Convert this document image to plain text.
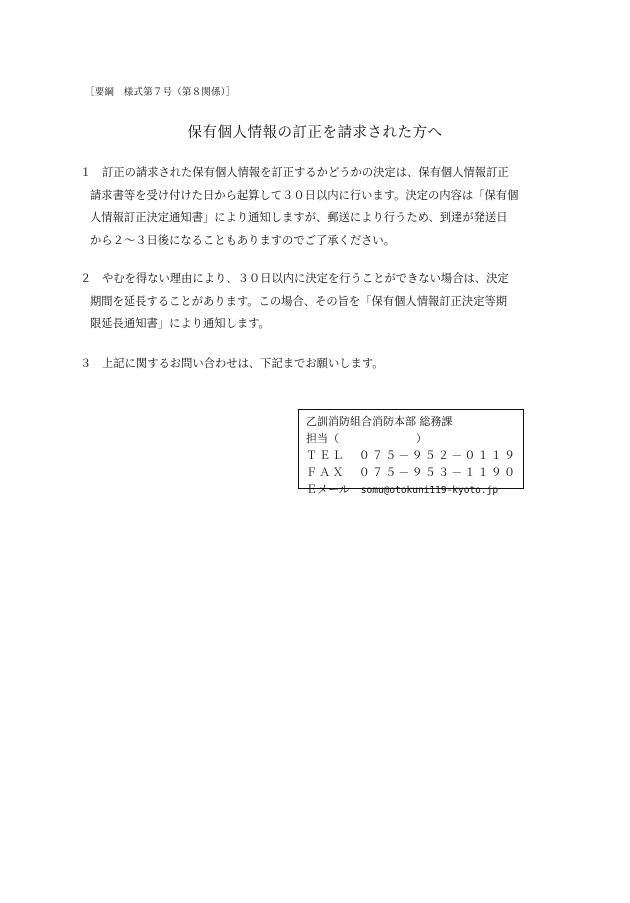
［要綱　様式第７号（第８関係）］
保有個人情報の訂正を請求された方へ
１ 訂正の請求された保有個人情報を訂正するかどうかの決定は、保有個人情報訂正
請求書等を受け付けた日から起算して３０日以内に行います。決定の内容は「保有個
人情報訂正決定通知書」により通知しますが、郵送により行うため、到達が発送日
から２～３日後になることもありますのでご了承ください。
２ やむを得ない理由により、３０日以内に決定を行うことができない場合は、決定
期間を延長することがあります。この場合、その旨を「保有個人情報訂正決定等期
限延長通知書」により通知します。
３ 上記に関するお問い合わせは、下記までお願いします。
乙訓消防組合消防本部 総務課
担当（　　　　　　　）
ＴＥＬ　０７５－９５２－０１１９
ＦＡＸ　０７５－９５３－１１９０
Ｅメール　 somu@otokuni119-kyoto.jp
